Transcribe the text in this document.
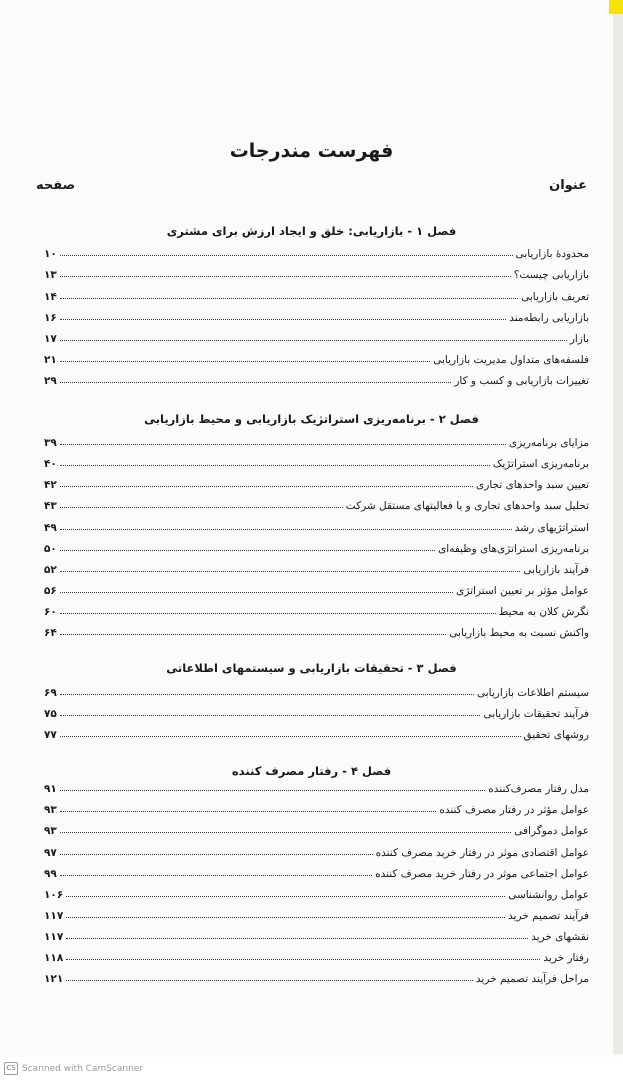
فهرست مندرجات
عنوان
صفحه
فصل ۱ - بازاریابی: خلق و ایجاد ارزش برای مشتری
محدودهٔ بازاریابی
۱۰
بازاریابی چیست؟
۱۳
تعریف بازاریابی
۱۴
بازاریابی رابطه‌مند
۱۶
بازار
۱۷
فلسفه‌های متداول مدیریت بازاریابی
۲۱
تغییرات بازاریابی و کسب و کار
۲۹
فصل ۲ - برنامه‌ریزی استراتژیک بازاریابی و محیط بازاریابی
مزایای برنامه‌ریزی
۳۹
برنامه‌ریزی استراتژیک
۴۰
تعیین سبد واحدهای تجاری
۴۲
تحلیل سبد واحدهای تجاری و یا فعالیتهای مستقل شرکت
۴۳
استراتژیهای رشد
۴۹
برنامه‌ریزی استراتژی‌های وظیفه‌ای
۵۰
فرآیند بازاریابی
۵۲
عوامل مؤثر بر تعیین استراتژی
۵۶
نگرش کلان به محیط
۶۰
واکنش نسبت به محیط بازاریابی
۶۴
فصل ۳ - تحقیقات بازاریابی و سیستمهای اطلاعاتی
سیستم اطلاعات بازاریابی
۶۹
فرآیند تحقیقات بازاریابی
۷۵
روشهای تحقیق
۷۷
فصل ۴ - رفتار مصرف کننده
مدل رفتار مصرف‌کننده
۹۱
عوامل مؤثر در رفتار مصرف کننده
۹۳
عوامل دموگرافی
۹۳
عوامل اقتصادی موثر در رفتار خرید مصرف کننده
۹۷
عوامل اجتماعی موثر در رفتار خرید مصرف کننده
۹۹
عوامل روانشناسی
۱۰۶
فرآیند تصمیم خرید
۱۱۷
نقشهای خرید
۱۱۷
رفتار خرید
۱۱۸
مراحل فرآیند تصمیم خرید
۱۲۱
CS Scanned with CamScanner
